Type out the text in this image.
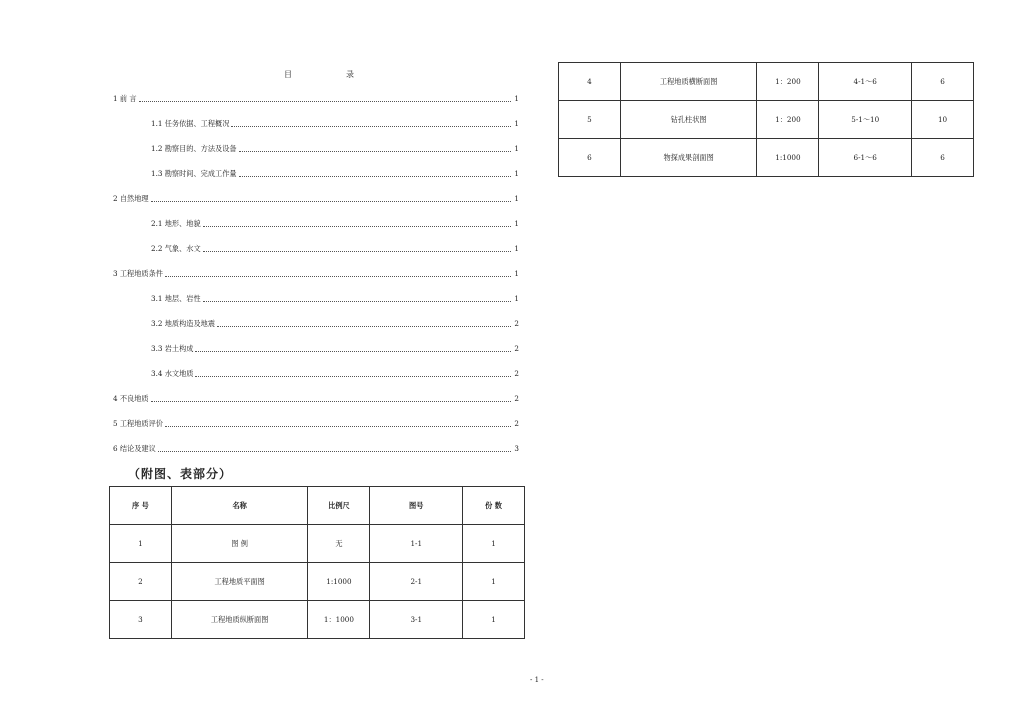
目	录
1 前 言	1
1.1 任务依据、工程概况	1
1.2 勘察目的、方法及设备	1
1.3 勘察时间、完成工作量	1
2 自然地理	1
2.1 地形、地貌	1
2.2 气象、水文	1
3 工程地质条件	1
3.1 地层、岩性	1
3.2 地质构造及地震	2
3.3 岩土构成	2
3.4 水文地质	2
4 不良地质	2
5 工程地质评价	2
6 结论及建议	3
（附图、表部分）
序 号	名称	比例尺	图号	份 数
1	图 例	无	1-1	1
2	工程地质平面图	1:1000	2-1	1
3	工程地质纵断面图	1：1000	3-1	1
4	工程地质横断面图	1：200	4-1～6	6
5	钻孔柱状图	1：200	5-1～10	10
6	物探成果剖面图	1:1000	6-1～6	6
- 1 -
